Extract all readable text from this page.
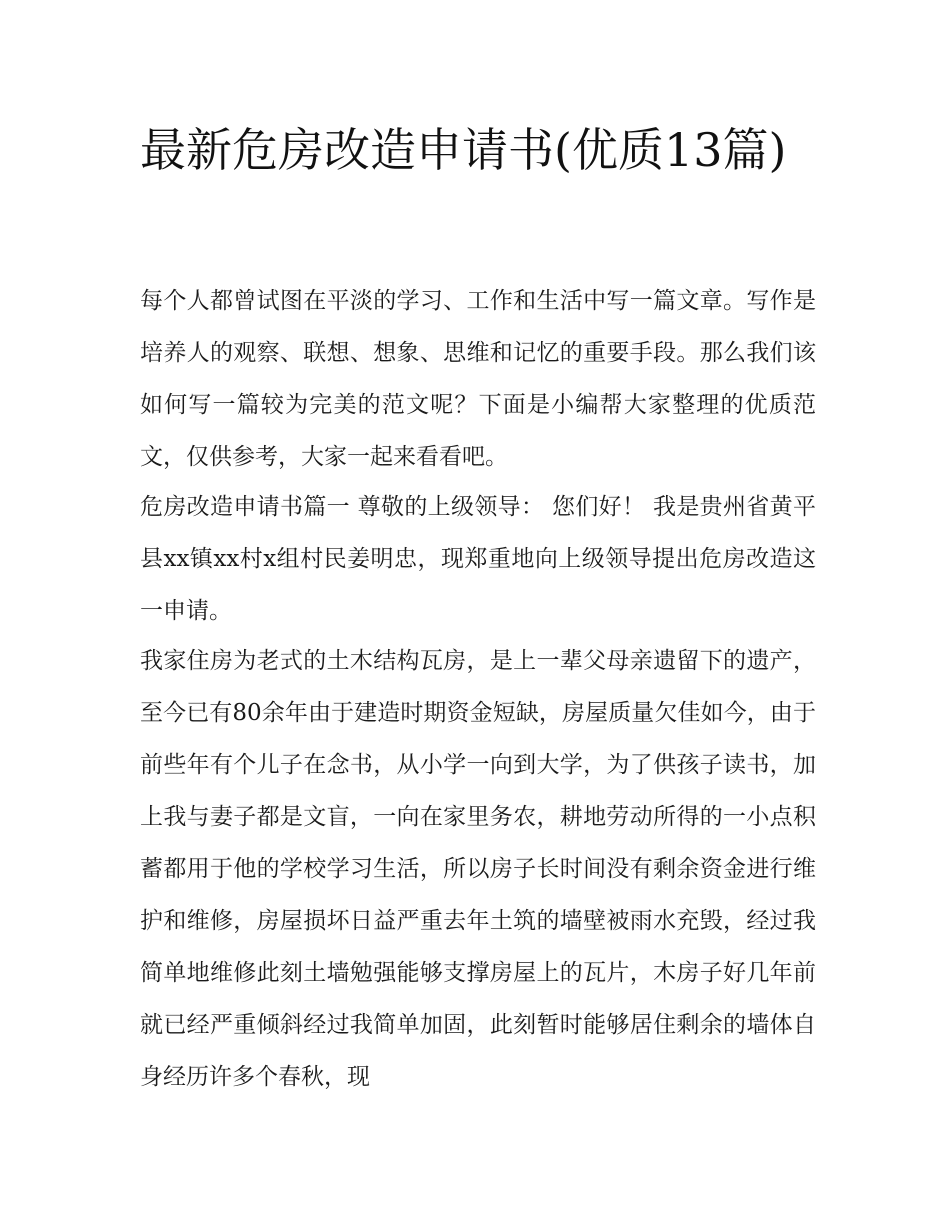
最新危房改造申请书(优质13篇)

每个人都曾试图在平淡的学习、工作和生活中写一篇文章。写作是培养人的观察、联想、想象、思维和记忆的重要手段。那么我们该如何写一篇较为完美的范文呢？下面是小编帮大家整理的优质范文，仅供参考，大家一起来看看吧。

危房改造申请书篇一 尊敬的上级领导： 您们好！ 我是贵州省黄平县xx镇xx村x组村民姜明忠，现郑重地向上级领导提出危房改造这一申请。

我家住房为老式的土木结构瓦房，是上一辈父母亲遗留下的遗产，至今已有80余年由于建造时期资金短缺，房屋质量欠佳如今，由于前些年有个儿子在念书，从小学一向到大学，为了供孩子读书，加上我与妻子都是文盲，一向在家里务农，耕地劳动所得的一小点积蓄都用于他的学校学习生活，所以房子长时间没有剩余资金进行维护和维修，房屋损坏日益严重去年土筑的墙壁被雨水充毁，经过我简单地维修此刻土墙勉强能够支撑房屋上的瓦片，木房子好几年前就已经严重倾斜经过我简单加固，此刻暂时能够居住剩余的墙体自身经历许多个春秋，现
